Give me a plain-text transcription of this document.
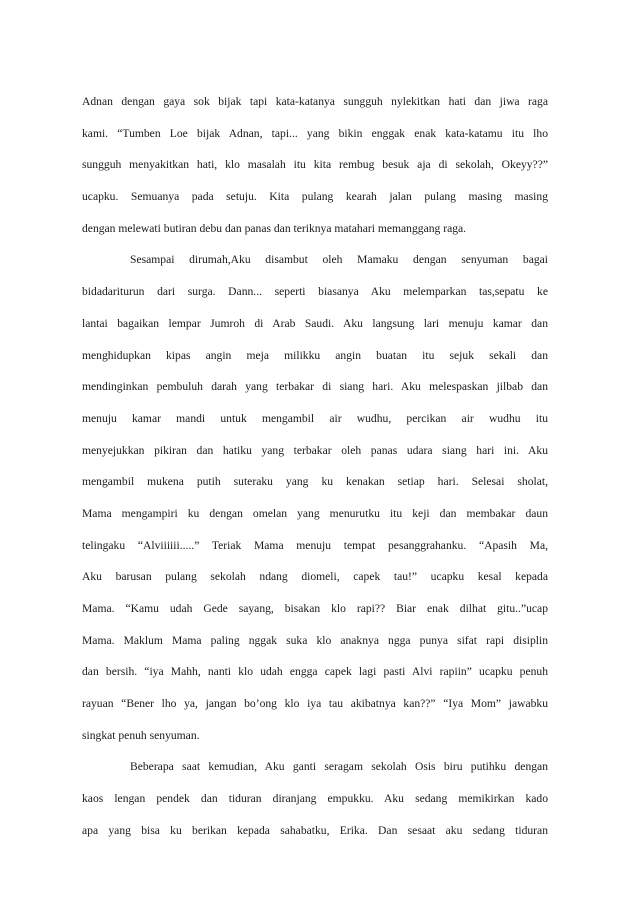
Adnan dengan gaya sok bijak tapi kata-katanya sungguh nylekitkan hati dan jiwa raga
kami. “Tumben Loe bijak Adnan, tapi... yang bikin enggak enak kata-katamu itu lho
sungguh menyakitkan hati, klo masalah itu kita rembug besuk aja di sekolah, Okeyy??”
ucapku. Semuanya pada setuju. Kita pulang kearah jalan pulang masing masing
dengan melewati butiran debu dan panas dan teriknya matahari memanggang raga.
Sesampai dirumah,Aku disambut oleh Mamaku dengan senyuman bagai
bidadariturun dari surga. Dann... seperti biasanya Aku melemparkan tas,sepatu ke
lantai bagaikan lempar Jumroh di Arab Saudi. Aku langsung lari menuju kamar dan
menghidupkan kipas angin meja milikku angin buatan itu sejuk sekali dan
mendinginkan pembuluh darah yang terbakar di siang hari. Aku melespaskan jilbab dan
menuju kamar mandi untuk mengambil air wudhu, percikan air wudhu itu
menyejukkan pikiran dan hatiku yang terbakar oleh panas udara siang hari ini. Aku
mengambil mukena putih suteraku yang ku kenakan setiap hari. Selesai sholat,
Mama mengampiri ku dengan omelan yang menurutku itu keji dan membakar daun
telingaku “Alviiiiii.....” Teriak Mama menuju tempat pesanggrahanku. “Apasih Ma,
Aku barusan pulang sekolah ndang diomeli, capek tau!” ucapku kesal kepada
Mama. “Kamu udah Gede sayang, bisakan klo rapi?? Biar enak dilhat gitu..”ucap
Mama. Maklum Mama paling nggak suka klo anaknya ngga punya sifat rapi disiplin
dan bersih. “iya Mahh, nanti klo udah engga capek lagi pasti Alvi rapiin” ucapku penuh
rayuan “Bener lho ya, jangan bo’ong klo iya tau akibatnya kan??” “Iya Mom” jawabku
singkat penuh senyuman.
Beberapa saat kemudian, Aku ganti seragam sekolah Osis biru putihku dengan
kaos lengan pendek dan tiduran diranjang empukku. Aku sedang memikirkan kado
apa yang bisa ku berikan kepada sahabatku, Erika. Dan sesaat aku sedang tiduran
